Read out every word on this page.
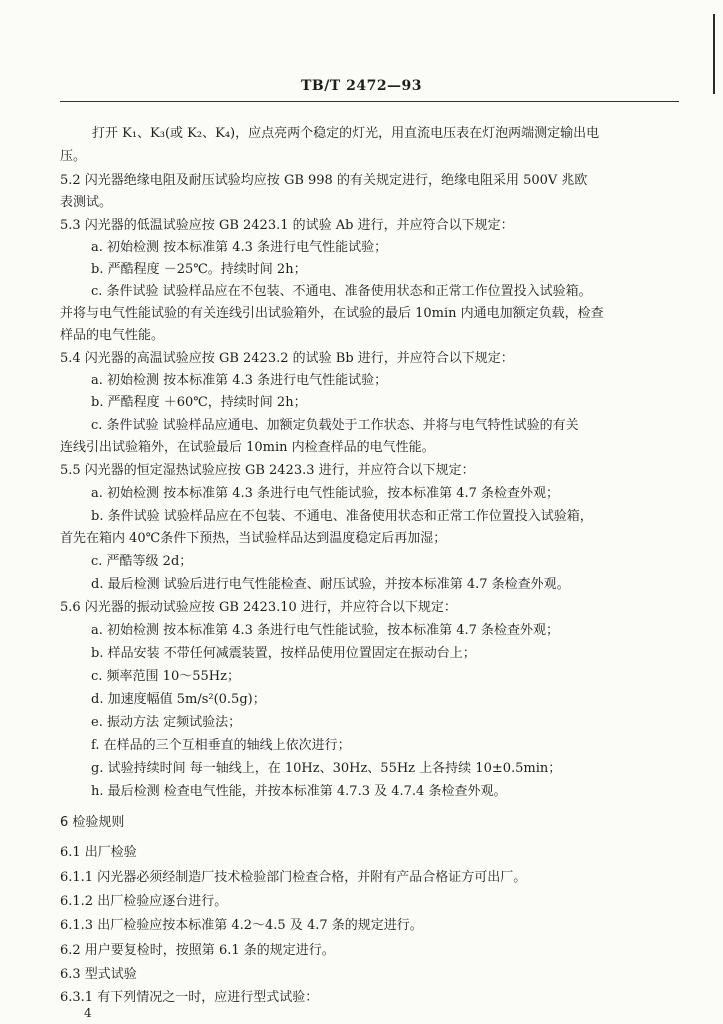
TB/T 2472—93
打开 K₁、K₃(或 K₂、K₄)，应点亮两个稳定的灯光，用直流电压表在灯泡两端测定输出电
压。
5.2 闪光器绝缘电阻及耐压试验均应按 GB 998 的有关规定进行，绝缘电阻采用 500V 兆欧
表测试。
5.3 闪光器的低温试验应按 GB 2423.1 的试验 Ab 进行，并应符合以下规定：
a. 初始检测 按本标准第 4.3 条进行电气性能试验；
b. 严酷程度 －25℃。持续时间 2h；
c. 条件试验 试验样品应在不包装、不通电、准备使用状态和正常工作位置投入试验箱。
并将与电气性能试验的有关连线引出试验箱外，在试验的最后 10min 内通电加额定负载，检查
样品的电气性能。
5.4 闪光器的高温试验应按 GB 2423.2 的试验 Bb 进行，并应符合以下规定：
a. 初始检测 按本标准第 4.3 条进行电气性能试验；
b. 严酷程度 ＋60℃，持续时间 2h；
c. 条件试验 试验样品应通电、加额定负载处于工作状态、并将与电气特性试验的有关
连线引出试验箱外，在试验最后 10min 内检查样品的电气性能。
5.5 闪光器的恒定湿热试验应按 GB 2423.3 进行，并应符合以下规定：
a. 初始检测 按本标准第 4.3 条进行电气性能试验，按本标准第 4.7 条检查外观；
b. 条件试验 试验样品应在不包装、不通电、准备使用状态和正常工作位置投入试验箱，
首先在箱内 40℃条件下预热，当试验样品达到温度稳定后再加湿；
c. 严酷等级 2d；
d. 最后检测 试验后进行电气性能检查、耐压试验，并按本标准第 4.7 条检查外观。
5.6 闪光器的振动试验应按 GB 2423.10 进行，并应符合以下规定：
a. 初始检测 按本标准第 4.3 条进行电气性能试验，按本标准第 4.7 条检查外观；
b. 样品安装 不带任何减震装置，按样品使用位置固定在振动台上；
c. 频率范围 10～55Hz；
d. 加速度幅值 5m/s²(0.5g)；
e. 振动方法 定频试验法；
f. 在样品的三个互相垂直的轴线上依次进行；
g. 试验持续时间 每一轴线上，在 10Hz、30Hz、55Hz 上各持续 10±0.5min；
h. 最后检测 检查电气性能，并按本标准第 4.7.3 及 4.7.4 条检查外观。
6 检验规则
6.1 出厂检验
6.1.1 闪光器必须经制造厂技术检验部门检查合格，并附有产品合格证方可出厂。
6.1.2 出厂检验应逐台进行。
6.1.3 出厂检验应按本标准第 4.2～4.5 及 4.7 条的规定进行。
6.2 用户要复检时，按照第 6.1 条的规定进行。
6.3 型式试验
6.3.1 有下列情况之一时，应进行型式试验：
4
